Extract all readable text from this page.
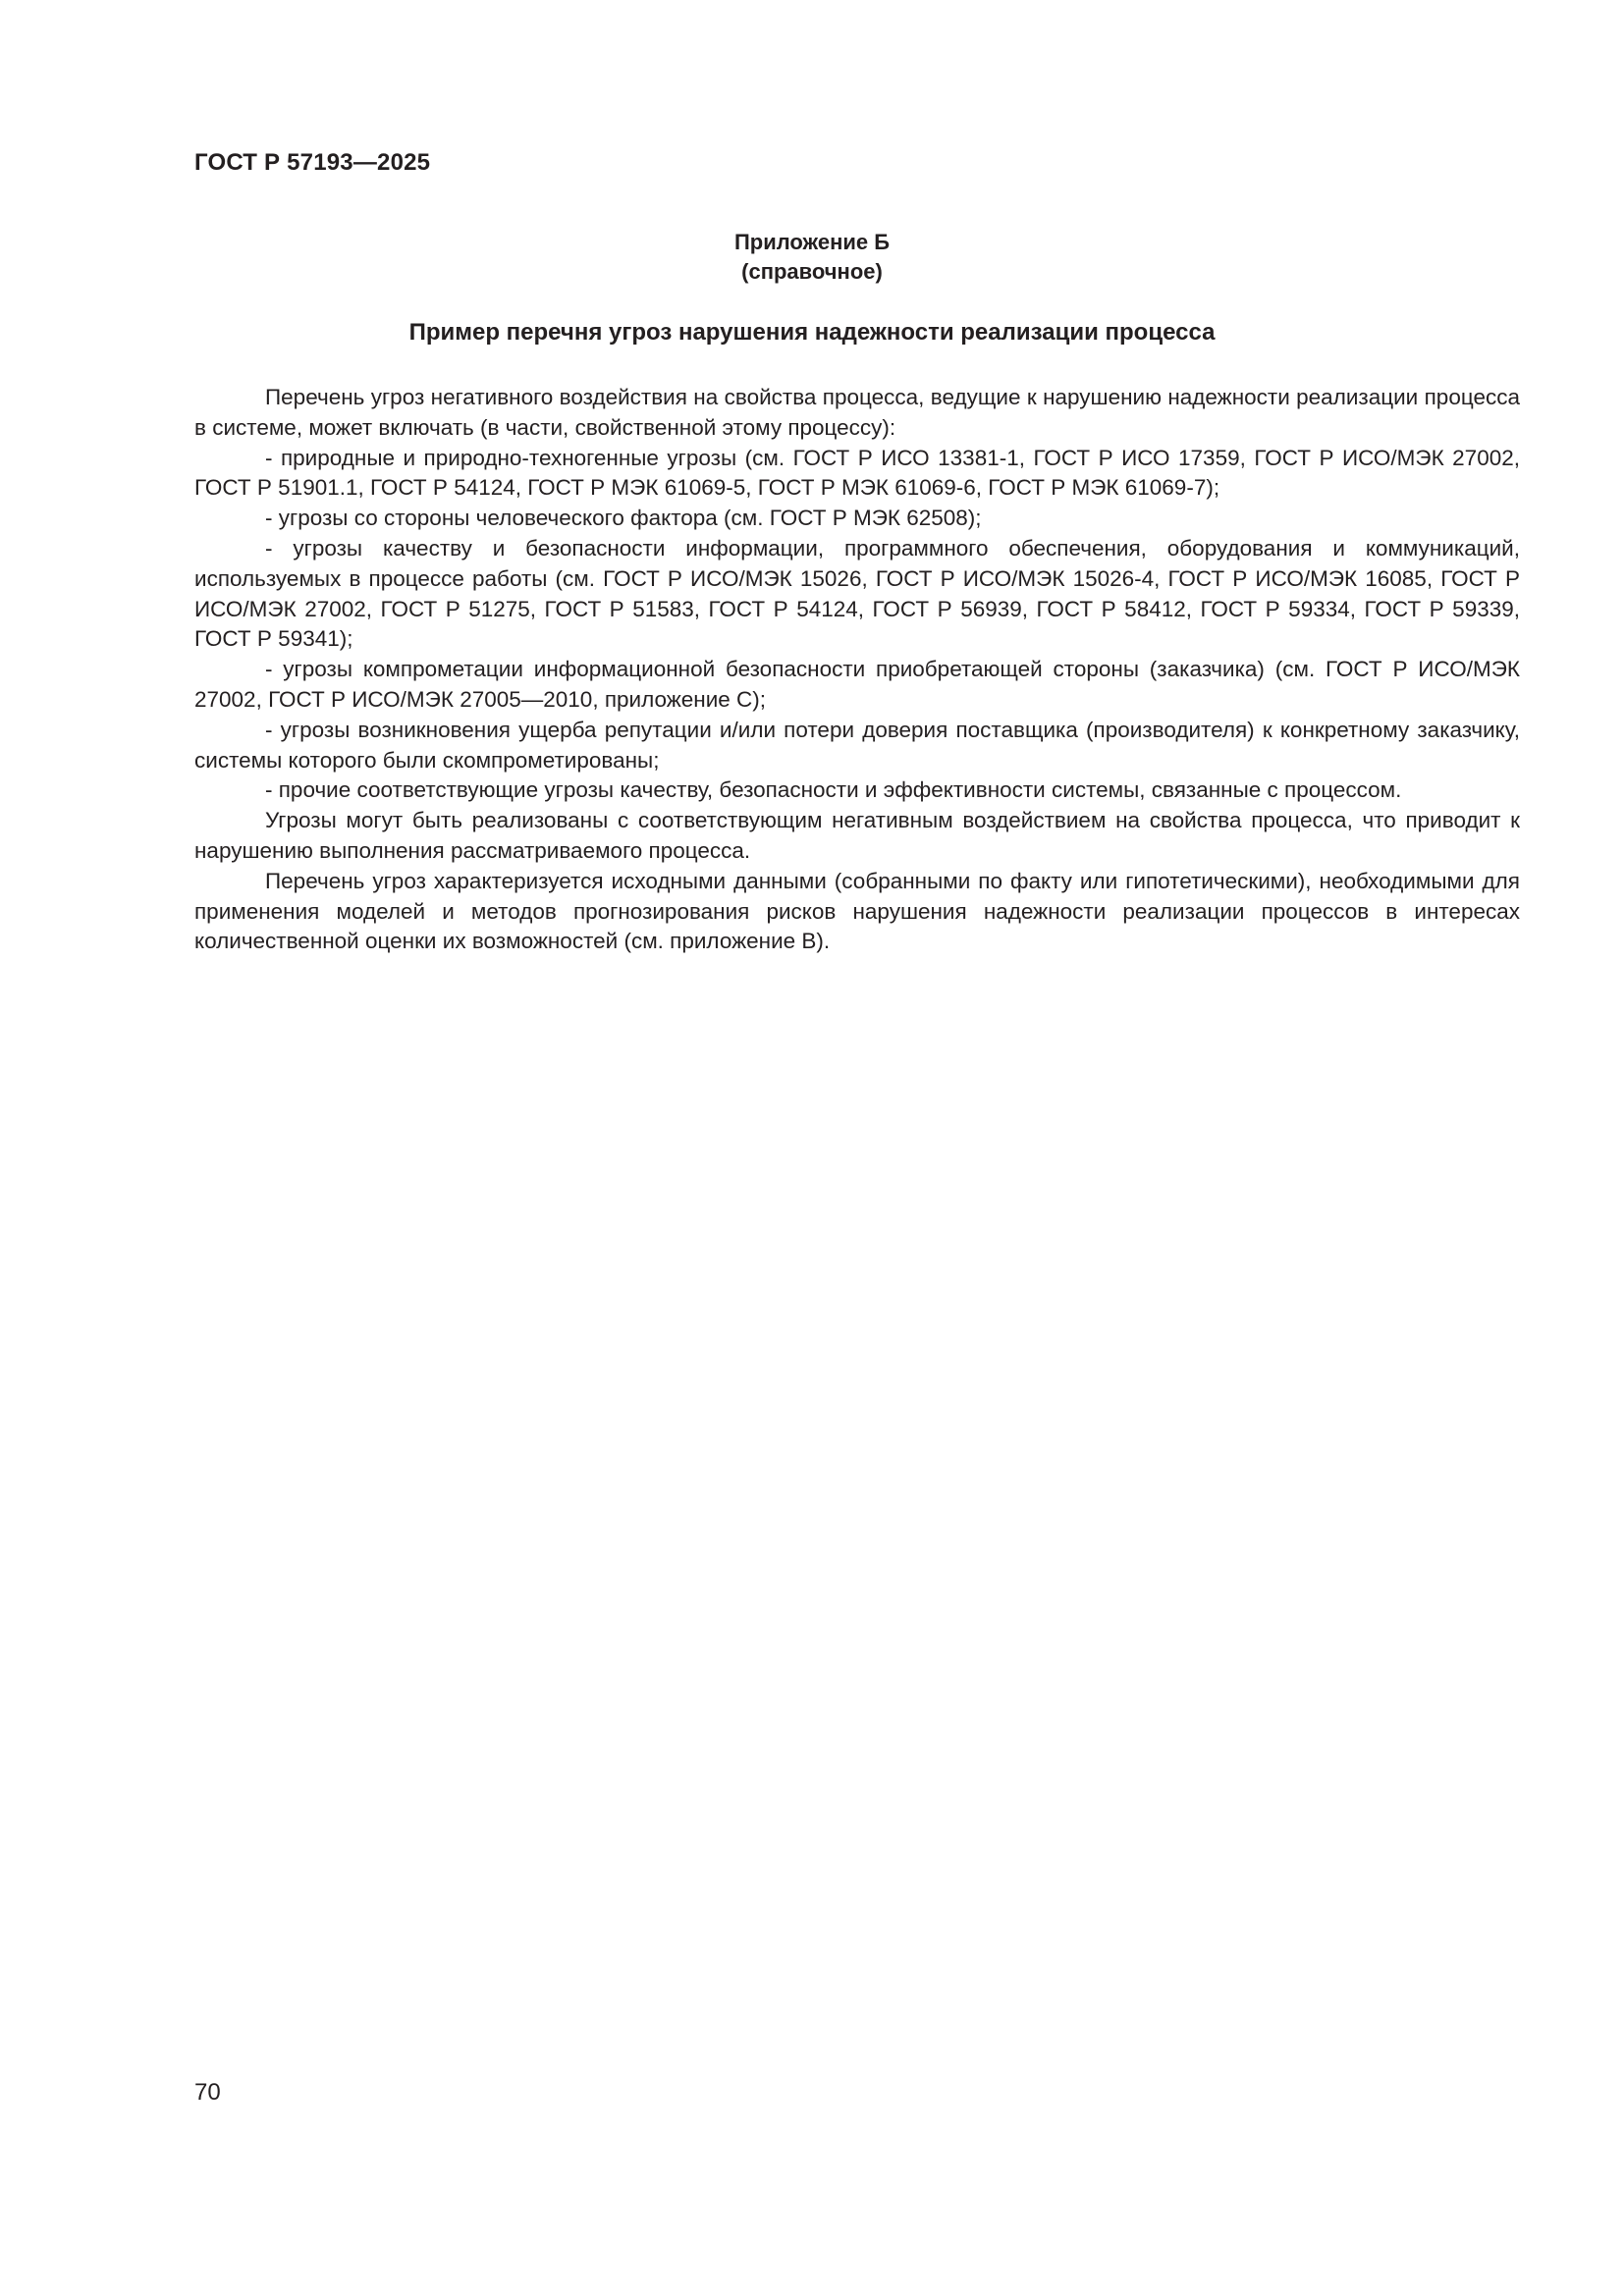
ГОСТ Р 57193—2025
Приложение Б
(справочное)
Пример перечня угроз нарушения надежности реализации процесса

Перечень угроз негативного воздействия на свойства процесса, ведущие к нарушению надежности реализации процесса в системе, может включать (в части, свойственной этому процессу):

- природные и природно-техногенные угрозы (см. ГОСТ Р ИСО 13381-1, ГОСТ Р ИСО 17359, ГОСТ Р ИСО/МЭК 27002, ГОСТ Р 51901.1, ГОСТ Р 54124, ГОСТ Р МЭК 61069-5, ГОСТ Р МЭК 61069-6, ГОСТ Р МЭК 61069-7);

- угрозы со стороны человеческого фактора (см. ГОСТ Р МЭК 62508);

- угрозы качеству и безопасности информации, программного обеспечения, оборудования и коммуникаций, используемых в процессе работы (см. ГОСТ Р ИСО/МЭК 15026, ГОСТ Р ИСО/МЭК 15026-4, ГОСТ Р ИСО/МЭК 16085, ГОСТ Р ИСО/МЭК 27002, ГОСТ Р 51275, ГОСТ Р 51583, ГОСТ Р 54124, ГОСТ Р 56939, ГОСТ Р 58412, ГОСТ Р 59334, ГОСТ Р 59339, ГОСТ Р 59341);

- угрозы компрометации информационной безопасности приобретающей стороны (заказчика) (см. ГОСТ Р ИСО/МЭК 27002, ГОСТ Р ИСО/МЭК 27005—2010, приложение С);

- угрозы возникновения ущерба репутации и/или потери доверия поставщика (производителя) к конкретному заказчику, системы которого были скомпрометированы;

- прочие соответствующие угрозы качеству, безопасности и эффективности системы, связанные с процессом.

Угрозы могут быть реализованы с соответствующим негативным воздействием на свойства процесса, что приводит к нарушению выполнения рассматриваемого процесса.

Перечень угроз характеризуется исходными данными (собранными по факту или гипотетическими), необходимыми для применения моделей и методов прогнозирования рисков нарушения надежности реализации процессов в интересах количественной оценки их возможностей (см. приложение В).

70
